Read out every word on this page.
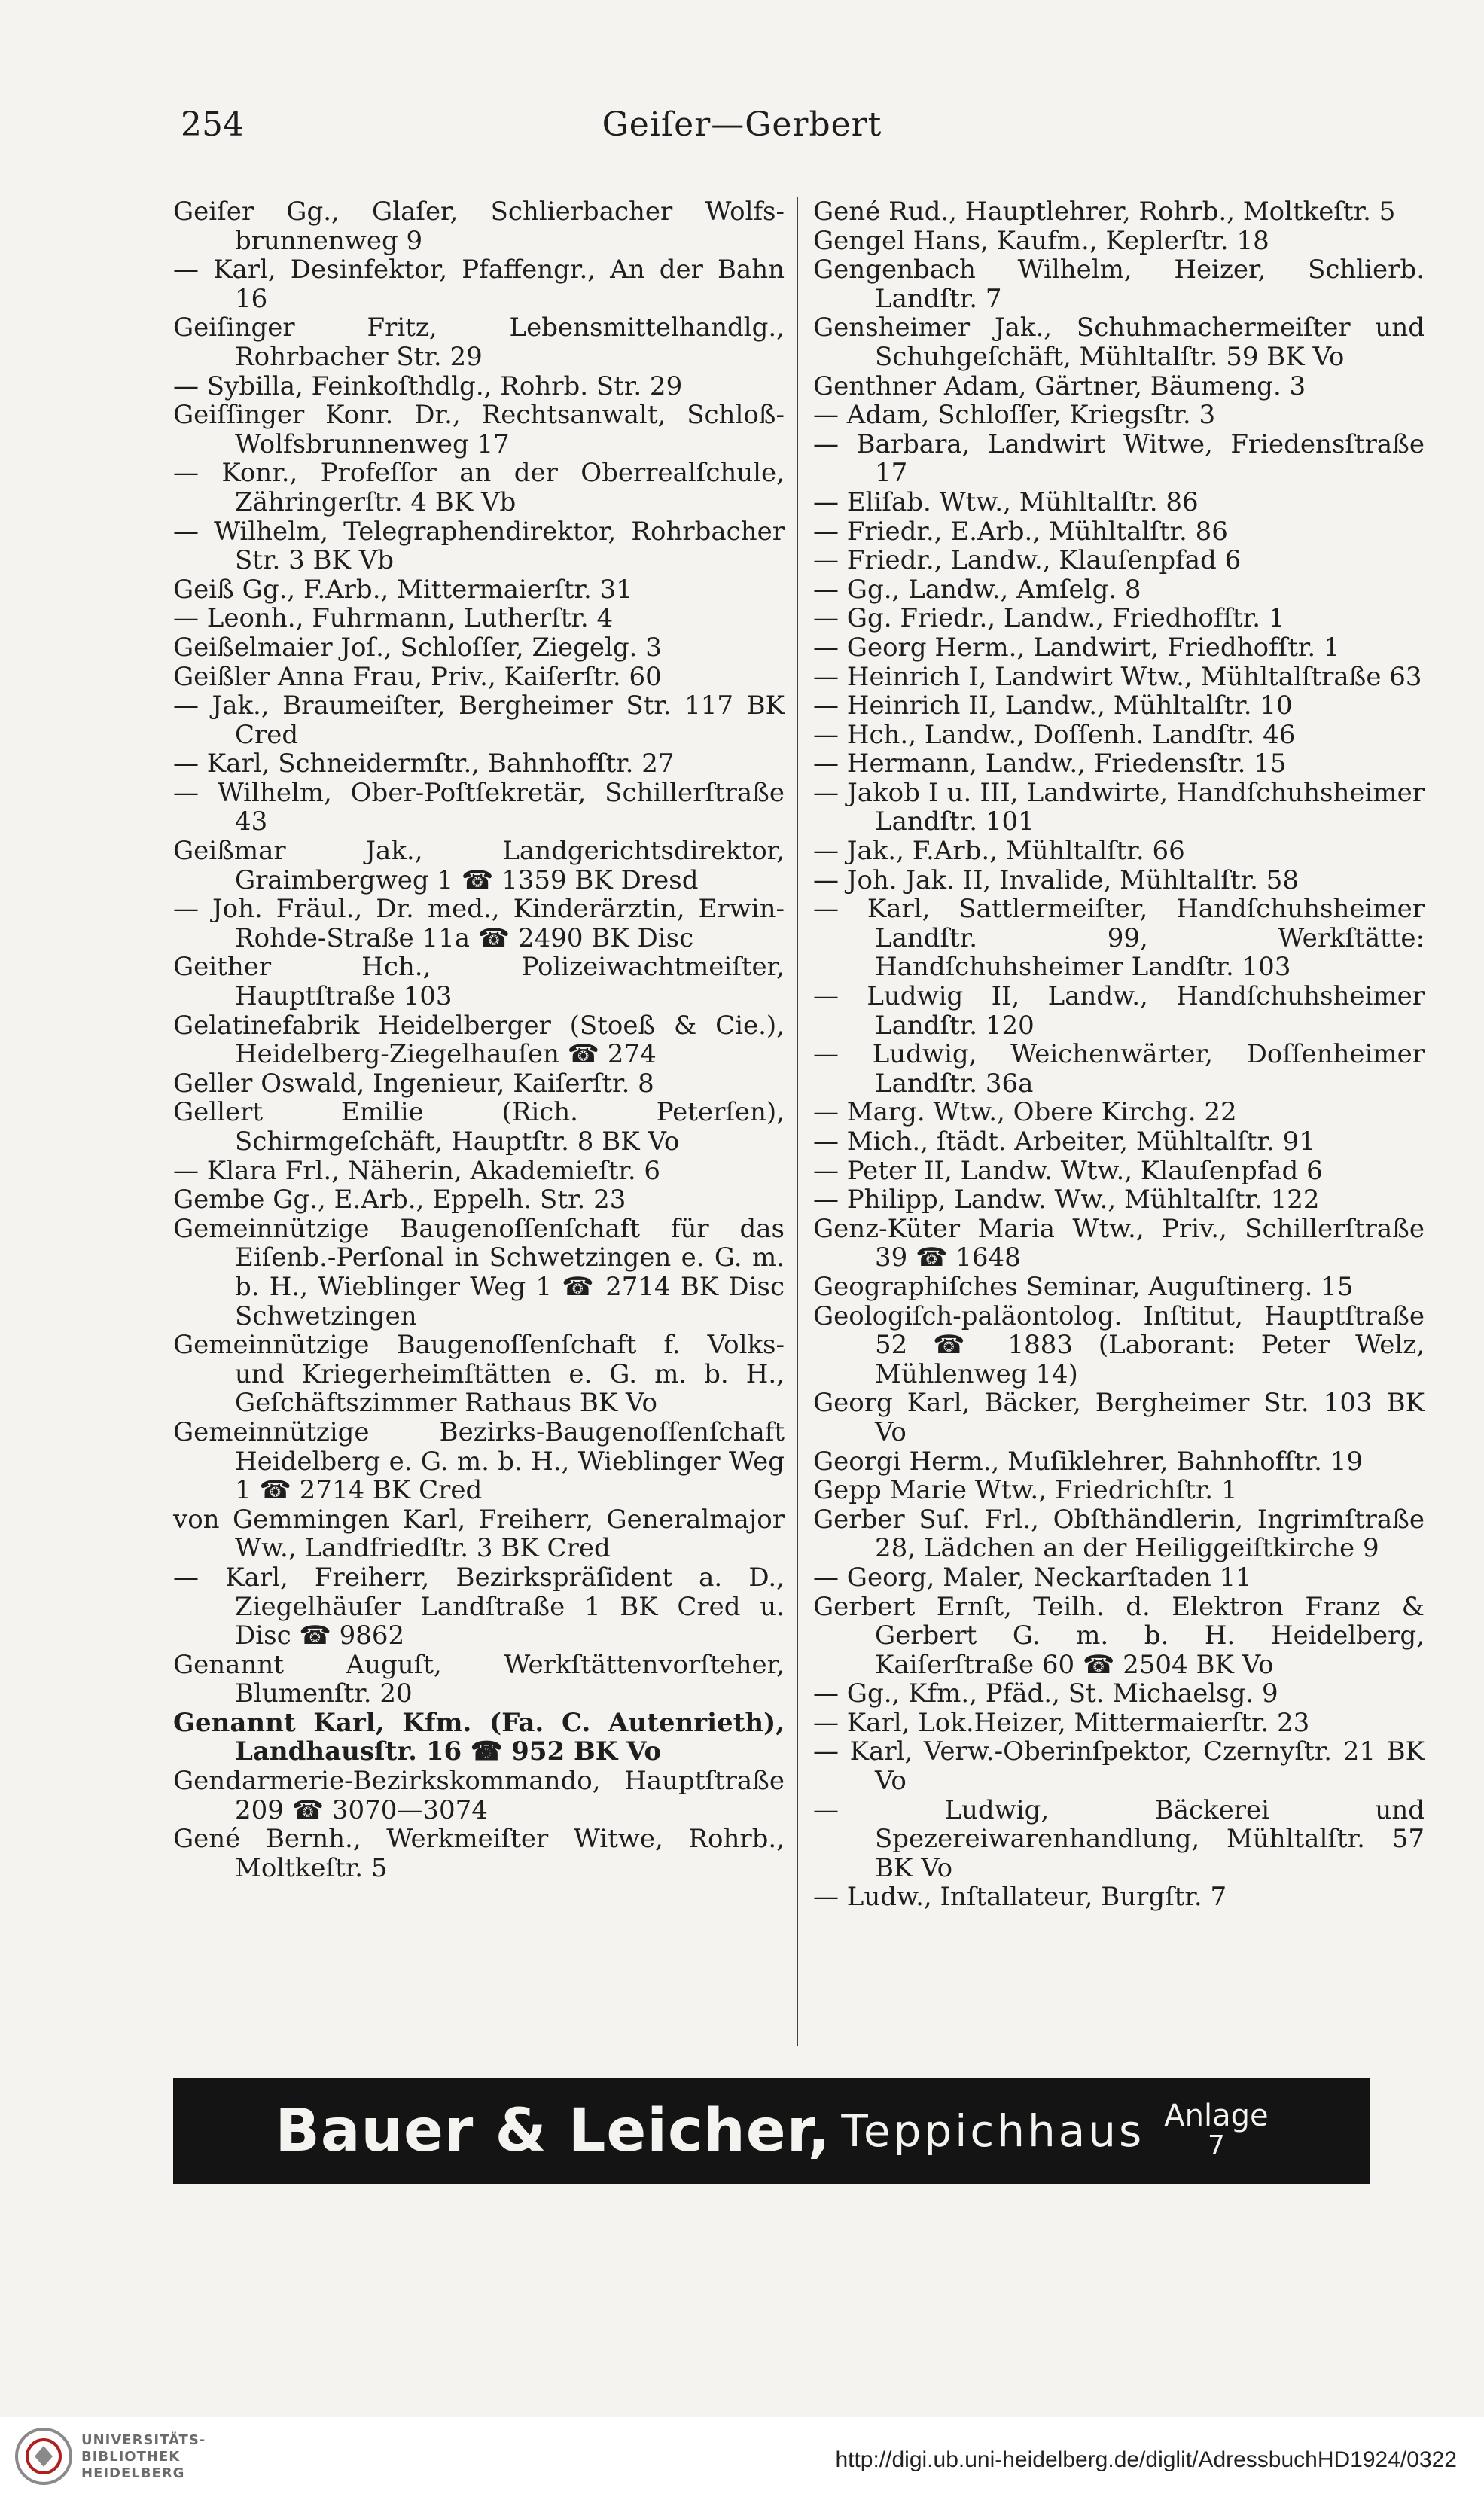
254	Geiſer—Gerbert

Geiſer Gg., Glaſer, Schlierbacher Wolfs-brunnenweg 9

— Karl, Desinfektor, Pfaffengr., An der Bahn 16

Geiſinger Fritz, Lebensmittelhandlg., Rohrbacher Str. 29

— Sybilla, Feinkoſthdlg., Rohrb. Str. 29

Geiſſinger Konr. Dr., Rechtsanwalt, Schloß-Wolfsbrunnenweg 17

— Konr., Profeſſor an der Oberrealſchule, Zähringerſtr. 4 BK Vb

— Wilhelm, Telegraphendirektor, Rohrbacher Str. 3 BK Vb

Geiß Gg., F.Arb., Mittermaierſtr. 31

— Leonh., Fuhrmann, Lutherſtr. 4

Geißelmaier Joſ., Schloſſer, Ziegelg. 3

Geißler Anna Frau, Priv., Kaiſerſtr. 60

— Jak., Braumeiſter, Bergheimer Str. 117 BK Cred

— Karl, Schneidermſtr., Bahnhofſtr. 27

— Wilhelm, Ober-Poſtſekretär, Schillerſtraße 43

Geißmar Jak., Landgerichtsdirektor, Graimbergweg 1 ☎ 1359 BK Dresd

— Joh. Fräul., Dr. med., Kinderärztin, Erwin-Rohde-Straße 11a ☎ 2490 BK Disc

Geither Hch., Polizeiwachtmeiſter, Hauptſtraße 103

Gelatinefabrik Heidelberger (Stoeß & Cie.), Heidelberg-Ziegelhauſen ☎ 274

Geller Oswald, Ingenieur, Kaiſerſtr. 8

Gellert Emilie (Rich. Peterſen), Schirmgeſchäft, Hauptſtr. 8 BK Vo

— Klara Frl., Näherin, Akademieſtr. 6

Gembe Gg., E.Arb., Eppelh. Str. 23

Gemeinnützige Baugenoſſenſchaft für das Eiſenb.-Perſonal in Schwetzingen e. G. m. b. H., Wieblinger Weg 1 ☎ 2714 BK Disc Schwetzingen

Gemeinnützige Baugenoſſenſchaft f. Volks- und Kriegerheimſtätten e. G. m. b. H., Geſchäftszimmer Rathaus BK Vo

Gemeinnützige Bezirks-Baugenoſſenſchaft Heidelberg e. G. m. b. H., Wieblinger Weg 1 ☎ 2714 BK Cred

von Gemmingen Karl, Freiherr, Generalmajor Ww., Landfriedſtr. 3 BK Cred

— Karl, Freiherr, Bezirkspräſident a. D., Ziegelhäuſer Landſtraße 1 BK Cred u. Disc ☎ 9862

Genannt Auguſt, Werkſtättenvorſteher, Blumenſtr. 20

Genannt Karl, Kfm. (Fa. C. Autenrieth), Landhausſtr. 16 ☎ 952 BK Vo

Gendarmerie-Bezirkskommando, Hauptſtraße 209 ☎ 3070—3074

Gené Bernh., Werkmeiſter Witwe, Rohrb., Moltkeſtr. 5

Gené Rud., Hauptlehrer, Rohrb., Moltkeſtr. 5

Gengel Hans, Kaufm., Keplerſtr. 18

Gengenbach Wilhelm, Heizer, Schlierb. Landſtr. 7

Gensheimer Jak., Schuhmachermeiſter und Schuhgeſchäft, Mühltalſtr. 59 BK Vo

Genthner Adam, Gärtner, Bäumeng. 3

— Adam, Schloſſer, Kriegsſtr. 3

— Barbara, Landwirt Witwe, Friedensſtraße 17

— Eliſab. Wtw., Mühltalſtr. 86

— Friedr., E.Arb., Mühltalſtr. 86

— Friedr., Landw., Klauſenpfad 6

— Gg., Landw., Amſelg. 8

— Gg. Friedr., Landw., Friedhofſtr. 1

— Georg Herm., Landwirt, Friedhofſtr. 1

— Heinrich I, Landwirt Wtw., Mühltalſtraße 63

— Heinrich II, Landw., Mühltalſtr. 10

— Hch., Landw., Doſſenh. Landſtr. 46

— Hermann, Landw., Friedensſtr. 15

— Jakob I u. III, Landwirte, Handſchuhsheimer Landſtr. 101

— Jak., F.Arb., Mühltalſtr. 66

— Joh. Jak. II, Invalide, Mühltalſtr. 58

— Karl, Sattlermeiſter, Handſchuhsheimer Landſtr. 99, Werkſtätte: Handſchuhsheimer Landſtr. 103

— Ludwig II, Landw., Handſchuhsheimer Landſtr. 120

— Ludwig, Weichenwärter, Doſſenheimer Landſtr. 36a

— Marg. Wtw., Obere Kirchg. 22

— Mich., ſtädt. Arbeiter, Mühltalſtr. 91

— Peter II, Landw. Wtw., Klauſenpfad 6

— Philipp, Landw. Ww., Mühltalſtr. 122

Genz-Küter Maria Wtw., Priv., Schillerſtraße 39 ☎ 1648

Geographiſches Seminar, Auguſtinerg. 15

Geologiſch-paläontolog. Inſtitut, Hauptſtraße 52 ☎ 1883 (Laborant: Peter Welz, Mühlenweg 14)

Georg Karl, Bäcker, Bergheimer Str. 103 BK Vo

Georgi Herm., Muſiklehrer, Bahnhofſtr. 19

Gepp Marie Wtw., Friedrichſtr. 1

Gerber Suſ. Frl., Obſthändlerin, Ingrimſtraße 28, Lädchen an der Heiliggeiſtkirche 9

— Georg, Maler, Neckarſtaden 11

Gerbert Ernſt, Teilh. d. Elektron Franz & Gerbert G. m. b. H. Heidelberg, Kaiſerſtraße 60 ☎ 2504 BK Vo

— Gg., Kfm., Pfäd., St. Michaelsg. 9

— Karl, Lok.Heizer, Mittermaierſtr. 23

— Karl, Verw.-Oberinſpektor, Czernyſtr. 21 BK Vo

— Ludwig, Bäckerei und Spezereiwarenhandlung, Mühltalſtr. 57 BK Vo

— Ludw., Inſtallateur, Burgſtr. 7

Bauer & Leicher, Teppichhaus Anlage
7
UNIVERSITÄTS-
BIBLIOTHEK
HEIDELBERG
http://digi.ub.uni-heidelberg.de/diglit/AdressbuchHD1924/0322
